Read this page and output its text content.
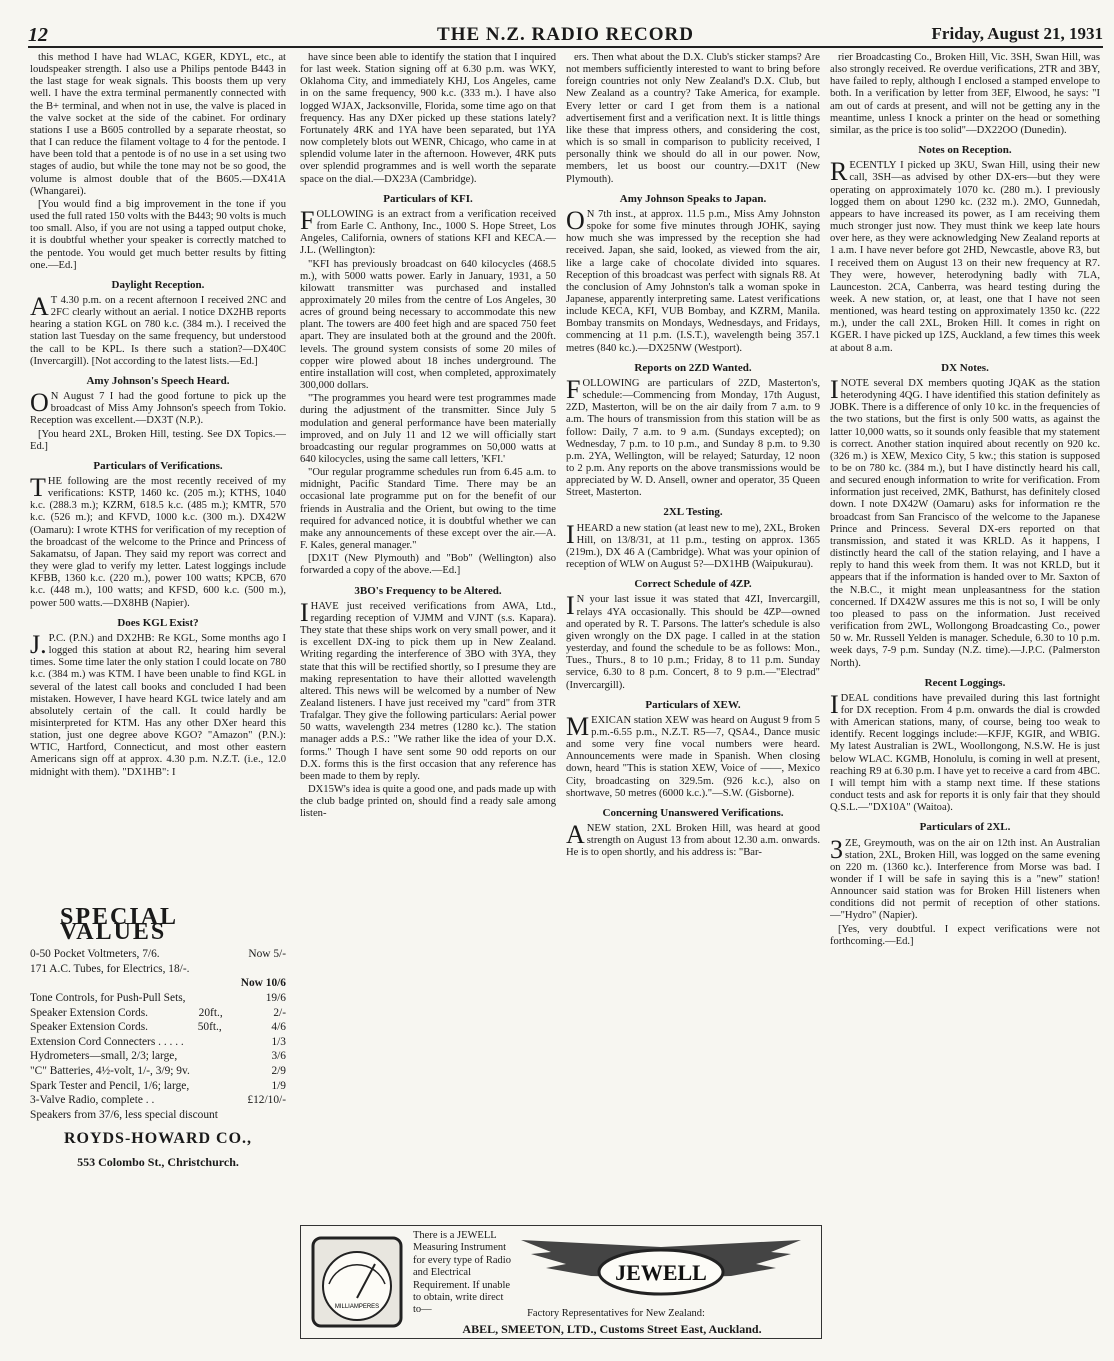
12	THE N.Z. RADIO RECORD	Friday, August 21, 1931

this method I have had WLAC, KGER, KDYL, etc., at loudspeaker strength. I also use a Philips pentode B443 in the last stage for weak signals. This boosts them up very well. I have the extra terminal permanently connected with the B+ terminal, and when not in use, the valve is placed in the valve socket at the side of the cabinet. For ordinary stations I use a B605 controlled by a separate rheostat, so that I can reduce the filament voltage to 4 for the pentode. I have been told that a pentode is of no use in a set using two stages of audio, but while the tone may not be so good, the volume is almost double that of the B605.—DX41A (Whangarei).

[You would find a big improvement in the tone if you used the full rated 150 volts with the B443; 90 volts is much too small. Also, if you are not using a tapped output choke, it is doubtful whether your speaker is correctly matched to the pentode. You would get much better results by fitting one.—Ed.]

Daylight Reception.

AT 4.30 p.m. on a recent afternoon I received 2NC and 2FC clearly without an aerial. I notice DX2HB reports hearing a station KGL on 780 k.c. (384 m.). I received the station last Tuesday on the same frequency, but understood the call to be KPL. Is there such a station?—DX40C (Invercargill). [Not according to the latest lists.—Ed.]

Amy Johnson's Speech Heard.

ON August 7 I had the good fortune to pick up the broadcast of Miss Amy Johnson's speech from Tokio. Reception was excellent.—DX3T (N.P.).

[You heard 2XL, Broken Hill, testing. See DX Topics.—Ed.]

Particulars of Verifications.

THE following are the most recently received of my verifications: KSTP, 1460 kc. (205 m.); KTHS, 1040 k.c. (288.3 m.); KZRM, 618.5 k.c. (485 m.); KMTR, 570 k.c. (526 m.); and KFVD, 1000 k.c. (300 m.). DX42W (Oamaru): I wrote KTHS for verification of my reception of the broadcast of the welcome to the Prince and Princess of Sakamatsu, of Japan. They said my report was correct and they were glad to verify my letter. Latest loggings include KFBB, 1360 k.c. (220 m.), power 100 watts; KPCB, 670 k.c. (448 m.), 100 watts; and KFSD, 600 k.c. (500 m.), power 500 watts.—DX8HB (Napier).

Does KGL Exist?

J.P.C. (P.N.) and DX2HB: Re KGL, Some months ago I logged this station at about R2, hearing him several times. Some time later the only station I could locate on 780 k.c. (384 m.) was KTM. I have been unable to find KGL in several of the latest call books and concluded I had been mistaken. However, I have heard KGL twice lately and am absolutely certain of the call. It could hardly be misinterpreted for KTM. Has any other DXer heard this station, just one degree above KGO? "Amazon" (P.N.): WTIC, Hartford, Connecticut, and most other eastern Americans sign off at approx. 4.30 p.m. N.Z.T. (i.e., 12.0 midnight with them). "DX1HB": I

SPECIAL VALUES
0-50 Pocket Voltmeters, 7/6.	Now 5/-
171 A.C. Tubes, for Electrics, 18/-.
Now 10/6
Tone Controls, for Push-Pull Sets,	19/6
Speaker Extension Cords.	20ft.,	2/-
Speaker Extension Cords.	50ft.,	4/6
Extension Cord Connecters . . . . .	1/3
Hydrometers—small, 2/3; large,	3/6
"C" Batteries, 4½-volt, 1/-, 3/9; 9v.	2/9
Spark Tester and Pencil, 1/6; large,	1/9
3-Valve Radio, complete . .	£12/10/-
Speakers from 37/6, less special discount
ROYDS-HOWARD CO.,
553 Colombo St., Christchurch.

have since been able to identify the station that I inquired for last week. Station signing off at 6.30 p.m. was WKY, Oklahoma City, and immediately KHJ, Los Angeles, came in on the same frequency, 900 k.c. (333 m.). I have also logged WJAX, Jacksonville, Florida, some time ago on that frequency. Has any DXer picked up these stations lately? Fortunately 4RK and 1YA have been separated, but 1YA now completely blots out WENR, Chicago, who came in at splendid volume later in the afternoon. However, 4RK puts over splendid programmes and is well worth the separate space on the dial.—DX23A (Cambridge).

Particulars of KFI.

FOLLOWING is an extract from a verification received from Earle C. Anthony, Inc., 1000 S. Hope Street, Los Angeles, California, owners of stations KFI and KECA.—J.L. (Wellington):

"KFI has previously broadcast on 640 kilocycles (468.5 m.), with 5000 watts power. Early in January, 1931, a 50 kilowatt transmitter was purchased and installed approximately 20 miles from the centre of Los Angeles, 30 acres of ground being necessary to accommodate this new plant. The towers are 400 feet high and are spaced 750 feet apart. They are insulated both at the ground and the 200ft. levels. The ground system consists of some 20 miles of copper wire plowed about 18 inches underground. The entire installation will cost, when completed, approximately 300,000 dollars.

"The programmes you heard were test programmes made during the adjustment of the transmitter. Since July 5 modulation and general performance have been materially improved, and on July 11 and 12 we will officially start broadcasting our regular programmes on 50,000 watts at 640 kilocycles, using the same call letters, 'KFI.'

"Our regular programme schedules run from 6.45 a.m. to midnight, Pacific Standard Time. There may be an occasional late programme put on for the benefit of our friends in Australia and the Orient, but owing to the time required for advanced notice, it is doubtful whether we can make any announcements of these except over the air.—A. F. Kales, general manager."

[DX1T (New Plymouth) and "Bob" (Wellington) also forwarded a copy of the above.—Ed.]

3BO's Frequency to be Altered.

IHAVE just received verifications from AWA, Ltd., regarding reception of VJMM and VJNT (s.s. Kapara). They state that these ships work on very small power, and it is excellent DX-ing to pick them up in New Zealand. Writing regarding the interference of 3BO with 3YA, they state that this will be rectified shortly, so I presume they are making representation to have their allotted wavelength altered. This news will be welcomed by a number of New Zealand listeners. I have just received my "card" from 3TR Trafalgar. They give the following particulars: Aerial power 50 watts, wavelength 234 metres (1280 kc.). The station manager adds a P.S.: "We rather like the idea of your D.X. forms." Though I have sent some 90 odd reports on our D.X. forms this is the first occasion that any reference has been made to them by reply.

DX15W's idea is quite a good one, and pads made up with the club badge printed on, should find a ready sale among listen-

ers. Then what about the D.X. Club's sticker stamps? Are not members sufficiently interested to want to bring before foreign countries not only New Zealand's D.X. Club, but New Zealand as a country? Take America, for example. Every letter or card I get from them is a national advertisement first and a verification next. It is little things like these that impress others, and considering the cost, which is so small in comparison to publicity received, I personally think we should do all in our power. Now, members, let us boost our country.—DX1T (New Plymouth).

Amy Johnson Speaks to Japan.

ON 7th inst., at approx. 11.5 p.m., Miss Amy Johnston spoke for some five minutes through JOHK, saying how much she was impressed by the reception she had received. Japan, she said, looked, as viewed from the air, like a large cake of chocolate divided into squares. Reception of this broadcast was perfect with signals R8. At the conclusion of Amy Johnston's talk a woman spoke in Japanese, apparently interpreting same. Latest verifications include KECA, KFI, VUB Bombay, and KZRM, Manila. Bombay transmits on Mondays, Wednesdays, and Fridays, commencing at 11 p.m. (I.S.T.), wavelength being 357.1 metres (840 kc.).—DX25NW (Westport).

Reports on 2ZD Wanted.

FOLLOWING are particulars of 2ZD, Masterton's, schedule:—Commencing from Monday, 17th August, 2ZD, Masterton, will be on the air daily from 7 a.m. to 9 a.m. The hours of transmission from this station will be as follow: Daily, 7 a.m. to 9 a.m. (Sundays excepted); on Wednesday, 7 p.m. to 10 p.m., and Sunday 8 p.m. to 9.30 p.m. 2YA, Wellington, will be relayed; Saturday, 12 noon to 2 p.m. Any reports on the above transmissions would be appreciated by W. D. Ansell, owner and operator, 35 Queen Street, Masterton.

2XL Testing.

IHEARD a new station (at least new to me), 2XL, Broken Hill, on 13/8/31, at 11 p.m., testing on approx. 1365 (219m.), DX 46 A (Cambridge). What was your opinion of reception of WLW on August 5?—DX1HB (Waipukurau).

Correct Schedule of 4ZP.

IN your last issue it was stated that 4ZI, Invercargill, relays 4YA occasionally. This should be 4ZP—owned and operated by R. T. Parsons. The latter's schedule is also given wrongly on the DX page. I called in at the station yesterday, and found the schedule to be as follows: Mon., Tues., Thurs., 8 to 10 p.m.; Friday, 8 to 11 p.m. Sunday service, 6.30 to 8 p.m. Concert, 8 to 9 p.m.—"Electrad" (Invercargill).

Particulars of XEW.

MEXICAN station XEW was heard on August 9 from 5 p.m.-6.55 p.m., N.Z.T. R5—7, QSA4., Dance music and some very fine vocal numbers were heard. Announcements were made in Spanish. When closing down, heard "This is station XEW, Voice of ——, Mexico City, broadcasting on 329.5m. (926 k.c.), also on shortwave, 50 metres (6000 k.c.)."—S.W. (Gisborne).

Concerning Unanswered Verifications.

ANEW station, 2XL Broken Hill, was heard at good strength on August 13 from about 12.30 a.m. onwards. He is to open shortly, and his address is: "Bar-

rier Broadcasting Co., Broken Hill, Vic. 3SH, Swan Hill, was also strongly received. Re overdue verifications, 2TR and 3BY, have failed to reply, although I enclosed a stamped envelope to both. In a verification by letter from 3EF, Elwood, he says: "I am out of cards at present, and will not be getting any in the meantime, unless I knock a printer on the head or something similar, as the price is too solid"—DX22OO (Dunedin).

Notes on Reception.

RECENTLY I picked up 3KU, Swan Hill, using their new call, 3SH—as advised by other DX-ers—but they were operating on approximately 1070 kc. (280 m.). I previously logged them on about 1290 kc. (232 m.). 2MO, Gunnedah, appears to have increased its power, as I am receiving them much stronger just now. They must think we keep late hours over here, as they were acknowledging New Zealand reports at 1 a.m. I have never before got 2HD, Newcastle, above R3, but I received them on August 13 on their new frequency at R7. They were, however, heterodyning badly with 7LA, Launceston. 2CA, Canberra, was heard testing during the week. A new station, or, at least, one that I have not seen mentioned, was heard testing on approximately 1350 kc. (222 m.), under the call 2XL, Broken Hill. It comes in right on KGER. I have picked up 1ZS, Auckland, a few times this week at about 8 a.m.

DX Notes.

INOTE several DX members quoting JQAK as the station heterodyning 4QG. I have identified this station definitely as JOBK. There is a difference of only 10 kc. in the frequencies of the two stations, but the first is only 500 watts, as against the latter 10,000 watts, so it sounds only feasible that my statement is correct. Another station inquired about recently on 920 kc. (326 m.) is XEW, Mexico City, 5 kw.; this station is supposed to be on 780 kc. (384 m.), but I have distinctly heard his call, and secured enough information to write for verification. From information just received, 2MK, Bathurst, has definitely closed down. I note DX42W (Oamaru) asks for information re the broadcast from San Francisco of the welcome to the Japanese Prince and Princess. Several DX-ers reported on that transmission, and stated it was KRLD. As it happens, I distinctly heard the call of the station relaying, and I have a reply to hand this week from them. It was not KRLD, but it appears that if the information is handed over to Mr. Saxton of the N.B.C., it might mean unpleasantness for the station concerned. If DX42W assures me this is not so, I will be only too pleased to pass on the information. Just received verification from 2WL, Wollongong Broadcasting Co., power 50 w. Mr. Russell Yelden is manager. Schedule, 6.30 to 10 p.m. week days, 7-9 p.m. Sunday (N.Z. time).—J.P.C. (Palmerston North).

Recent Loggings.

IDEAL conditions have prevailed during this last fortnight for DX reception. From 4 p.m. onwards the dial is crowded with American stations, many, of course, being too weak to identify. Recent loggings include:—KFJF, KGIR, and WBIG. My latest Australian is 2WL, Woollongong, N.S.W. He is just below WLAC. KGMB, Honolulu, is coming in well at present, reaching R9 at 6.30 p.m. I have yet to receive a card from 4BC. I will tempt him with a stamp next time. If these stations conduct tests and ask for reports it is only fair that they should Q.S.L.—"DX10A" (Waitoa).

Particulars of 2XL.

3ZE, Greymouth, was on the air on 12th inst. An Australian station, 2XL, Broken Hill, was logged on the same evening on 220 m. (1360 kc.). Interference from Morse was bad. I wonder if I will be safe in saying this is a "new" station! Announcer said station was for Broken Hill listeners when conditions did not permit of reception of other stations.—"Hydro" (Napier).

[Yes, very doubtful. I expect verifications were not forthcoming.—Ed.]

MILLIAMPERES
There is a JEWELL Measuring Instrument for every type of Radio and Electrical Requirement. If unable to obtain, write direct to—
JEWELL
Factory Representatives for New Zealand:
ABEL, SMEETON, LTD., Customs Street East, Auckland.
